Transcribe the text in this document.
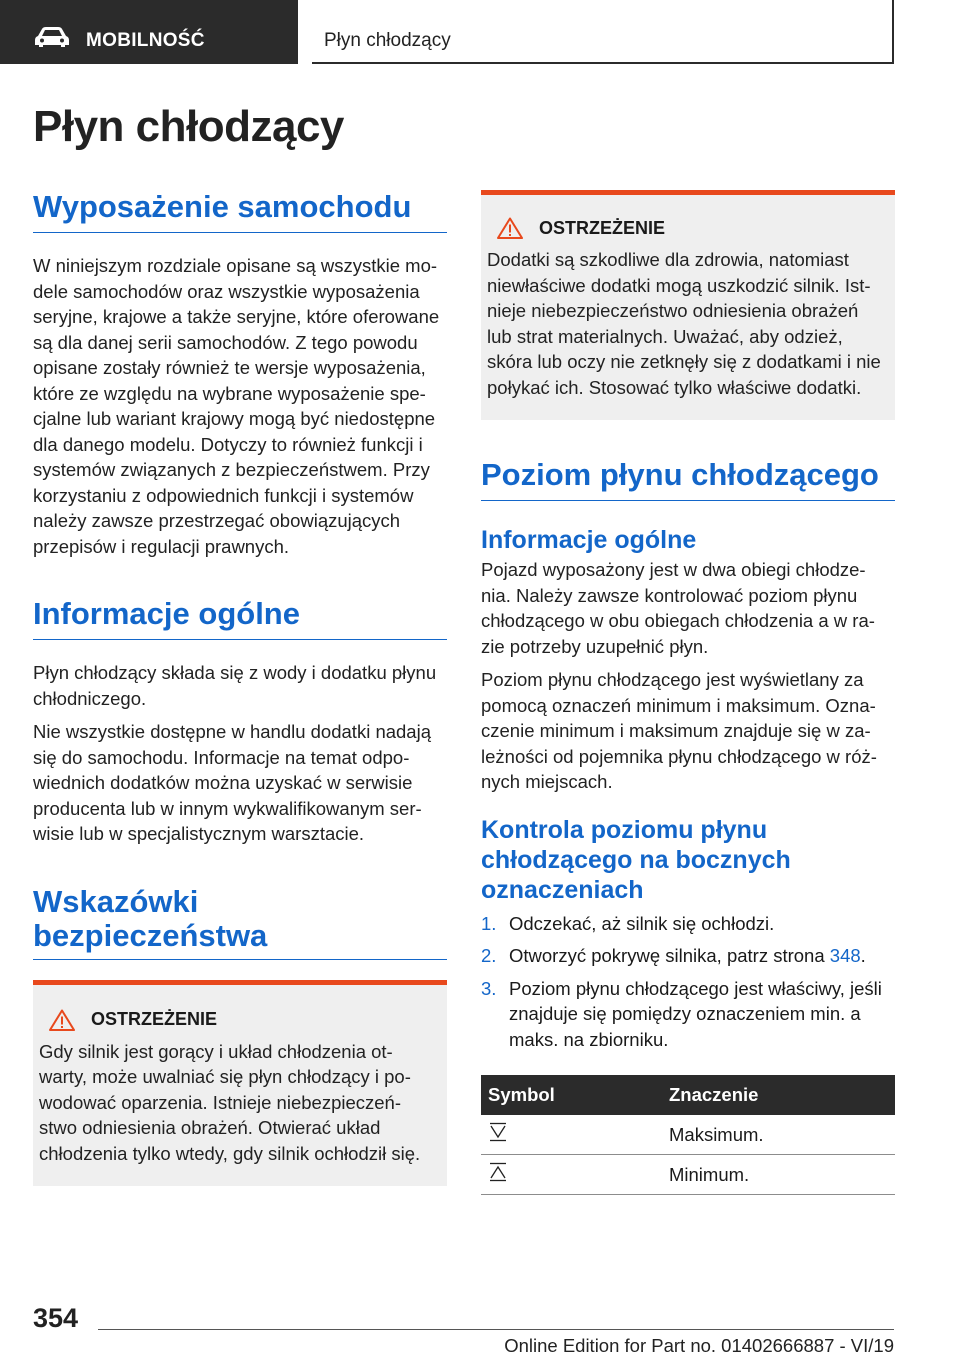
MOBILNOŚĆ	Płyn chłodzący
Płyn chłodzący
Wyposażenie samochodu

W niniejszym rozdziale opisane są wszystkie mo- dele samochodów oraz wszystkie wyposażenia seryjne, krajowe a także seryjne, które oferowane są dla danej serii samochodów. Z tego powodu opisane zostały również te wersje wyposażenia, które ze względu na wybrane wyposażenie spe- cjalne lub wariant krajowy mogą być niedostępne dla danego modelu. Dotyczy to również funkcji i systemów związanych z bezpieczeństwem. Przy korzystaniu z odpowiednich funkcji i systemów należy zawsze przestrzegać obowiązujących przepisów i regulacji prawnych.

Informacje ogólne

Płyn chłodzący składa się z wody i dodatku płynu chłodniczego.

Nie wszystkie dostępne w handlu dodatki nadają się do samochodu. Informacje na temat odpo- wiednich dodatków można uzyskać w serwisie producenta lub w innym wykwalifikowanym ser- wisie lub w specjalistycznym warsztacie.

Wskazówki bezpieczeństwa
OSTRZEŻENIE

Gdy silnik jest gorący i układ chłodzenia ot- warty, może uwalniać się płyn chłodzący i po- wodować oparzenia. Istnieje niebezpieczeń- stwo odniesienia obrażeń. Otwierać układ chłodzenia tylko wtedy, gdy silnik ochłodził się.

OSTRZEŻENIE

Dodatki są szkodliwe dla zdrowia, natomiast niewłaściwe dodatki mogą uszkodzić silnik. Ist- nieje niebezpieczeństwo odniesienia obrażeń lub strat materialnych. Uważać, aby odzież, skóra lub oczy nie zetknęły się z dodatkami i nie połykać ich. Stosować tylko właściwe dodatki.

Poziom płynu chłodzącego
Informacje ogólne

Pojazd wyposażony jest w dwa obiegi chłodze- nia. Należy zawsze kontrolować poziom płynu chłodzącego w obu obiegach chłodzenia a w ra- zie potrzeby uzupełnić płyn.

Poziom płynu chłodzącego jest wyświetlany za pomocą oznaczeń minimum i maksimum. Ozna- czenie minimum i maksimum znajduje się w za- leżności od pojemnika płynu chłodzącego w róż- nych miejscach.

Kontrola poziomu płynu chłodzącego na bocznych oznaczeniach
1. Odczekać, aż silnik się ochłodzi.
2. Otworzyć pokrywę silnika, patrz strona 348.
3. Poziom płynu chłodzącego jest właściwy, jeśli znajduje się pomiędzy oznaczeniem min. a maks. na zbiorniku.
Symbol	Znaczenie
	Maksimum.
	Minimum.
354
Online Edition for Part no. 01402666887 - VI/19
